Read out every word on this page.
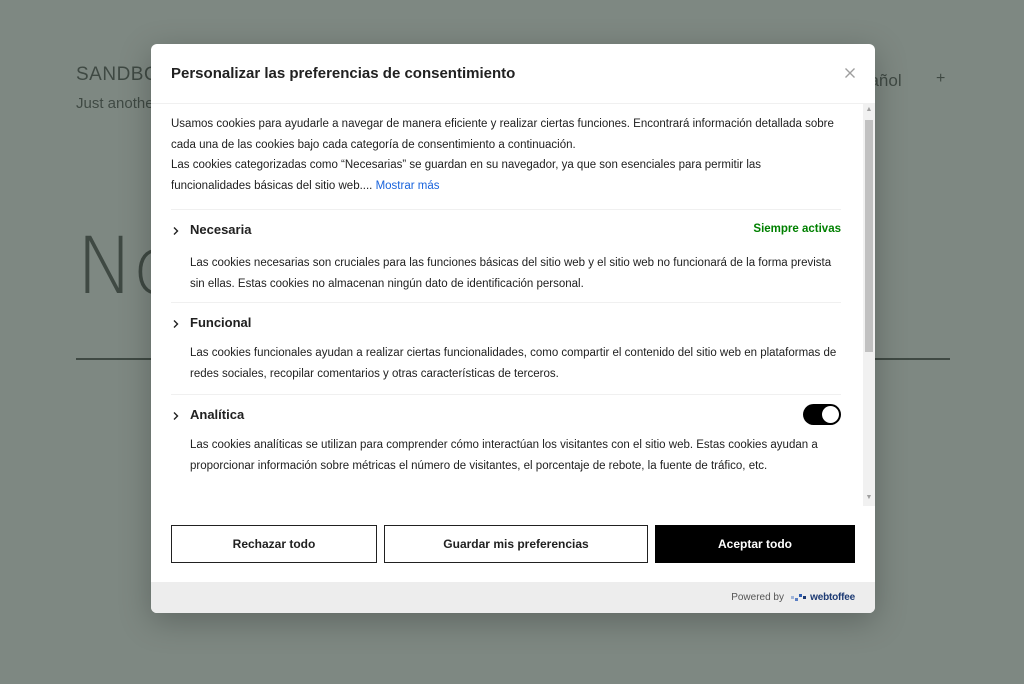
Personalizar las preferencias de consentimiento
Usamos cookies para ayudarle a navegar de manera eficiente y realizar ciertas funciones. Encontrará información detallada sobre cada una de las cookies bajo cada categoría de consentimiento a continuación.
Las cookies categorizadas como “Necesarias” se guardan en su navegador, ya que son esenciales para permitir las funcionalidades básicas del sitio web.... Mostrar más
Necesaria	Siempre activas
Las cookies necesarias son cruciales para las funciones básicas del sitio web y el sitio web no funcionará de la forma prevista sin ellas. Estas cookies no almacenan ningún dato de identificación personal.
Funcional
Las cookies funcionales ayudan a realizar ciertas funcionalidades, como compartir el contenido del sitio web en plataformas de redes sociales, recopilar comentarios y otras características de terceros.
Analítica
Las cookies analíticas se utilizan para comprender cómo interactúan los visitantes con el sitio web. Estas cookies ayudan a proporcionar información sobre métricas el número de visitantes, el porcentaje de rebote, la fuente de tráfico, etc.
▲
▼
Rechazar todo	Guardar mis preferencias	Aceptar todo
Powered by	webtoffee
